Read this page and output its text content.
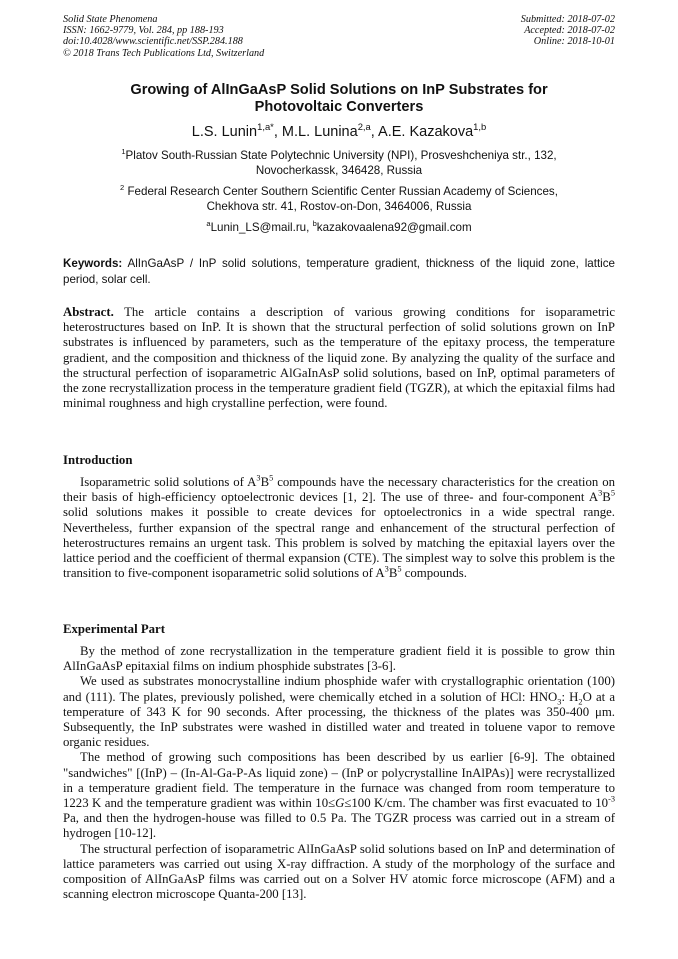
Solid State Phenomena
ISSN: 1662-9779, Vol. 284, pp 188-193
doi:10.4028/www.scientific.net/SSP.284.188
© 2018 Trans Tech Publications Ltd, Switzerland
Submitted: 2018-07-02
Accepted: 2018-07-02
Online: 2018-10-01
Growing of AlInGaAsP Solid Solutions on InP Substrates for
Photovoltaic Converters
L.S. Lunin$^{1,a*}$, M.L. Lunina$^{2,a}$, A.E. Kazakova$^{1,b}$
$^1$Platov South-Russian State Polytechnic University (NPI), Prosveshcheniya str., 132,
Novocherkassk, 346428, Russia
$^2$ Federal Research Center Southern Scientific Center Russian Academy of Sciences,
Chekhova str. 41, Rostov-on-Don, 3464006, Russia
$^a$Lunin_LS@mail.ru, $^b$kazakovaalena92@gmail.com
Keywords: AlInGaAsP / InP solid solutions, temperature gradient, thickness of the liquid zone, lattice period, solar cell.

Abstract. The article contains a description of various growing conditions for isoparametric heterostructures based on InP. It is shown that the structural perfection of solid solutions grown on InP substrates is influenced by parameters, such as the temperature of the epitaxy process, the temperature gradient, and the composition and thickness of the liquid zone. By analyzing the quality of the surface and the structural perfection of isoparametric AlGaInAsP solid solutions, based on InP, optimal parameters of the zone recrystallization process in the temperature gradient field (TGZR), at which the epitaxial films had minimal roughness and high crystalline perfection, were found.

Introduction

Isoparametric solid solutions of $A^3B^5$ compounds have the necessary characteristics for the creation on their basis of high-efficiency optoelectronic devices [1, 2]. The use of three- and four-component $A^3B^5$ solid solutions makes it possible to create devices for optoelectronics in a wide spectral range. Nevertheless, further expansion of the spectral range and enhancement of the structural perfection of heterostructures remains an urgent task. This problem is solved by matching the epitaxial layers over the lattice period and the coefficient of thermal expansion (CTE). The simplest way to solve this problem is the transition to five-component isoparametric solid solutions of $A^3B^5$ compounds.

Experimental Part

By the method of zone recrystallization in the temperature gradient field it is possible to grow thin AlInGaAsP epitaxial films on indium phosphide substrates [3-6].

We used as substrates monocrystalline indium phosphide wafer with crystallographic orientation (100) and (111). The plates, previously polished, were chemically etched in a solution of HCl: $HNO_3$: $H_2O$ at a temperature of 343 K for 90 seconds. After processing, the thickness of the plates was 350-400 μm. Subsequently, the InP substrates were washed in distilled water and treated in toluene vapor to remove organic residues.

The method of growing such compositions has been described by us earlier [6-9]. The obtained "sandwiches" [(InP) – (In-Al-Ga-P-As liquid zone) – (InP or polycrystalline InAlPAs)] were recrystallized in a temperature gradient field. The temperature in the furnace was changed from room temperature to 1223 K and the temperature gradient was within 10≤G≤100 K/cm. The chamber was first evacuated to $10^{-3}$ Pa, and then the hydrogen-house was filled to 0.5 Pa. The TGZR process was carried out in a stream of hydrogen [10-12].

The structural perfection of isoparametric AlInGaAsP solid solutions based on InP and determination of lattice parameters was carried out using X-ray diffraction. A study of the morphology of the surface and composition of AlInGaAsP films was carried out on a Solver HV atomic force microscope (AFM) and a scanning electron microscope Quanta-200 [13].
